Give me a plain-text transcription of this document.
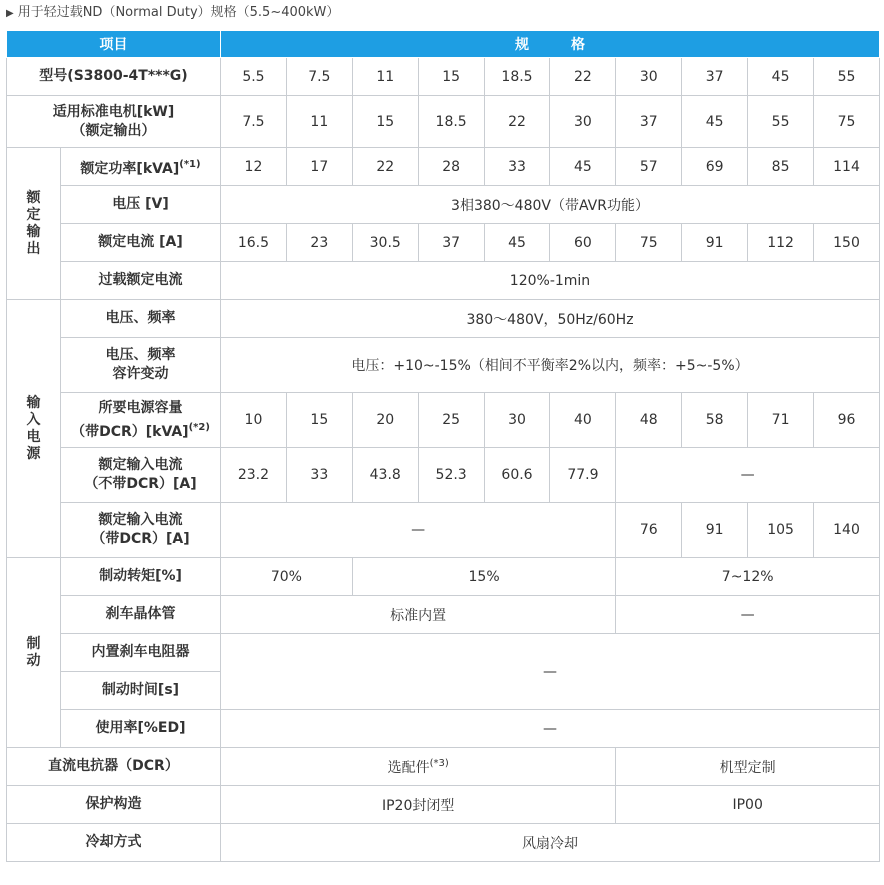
▶ 用于轻过载ND（Normal Duty）规格（5.5~400kW）
项目		规　　　格									
型号(S3800-4T***G)		5.5	7.5	11	15	18.5	22	30	37	45	55
适用标准电机[kW]
（额定输出）		7.5	11	15	18.5	22	30	37	45	55	75
额定输出	额定功率[kVA]$^{(*1)}$	12	17	22	28	33	45	57	69	85	114
	电压 [V]	3相380～480V（带AVR功能）									
	额定电流 [A]	16.5	23	30.5	37	45	60	75	91	112	150
	过载额定电流	120%-1min									
输入电源	电压、频率	380～480V，50Hz/60Hz									
	电压、频率
容许变动	电压：+10~-15%（相间不平衡率2%以内，频率：+5~-5%）									
	所要电源容量
（带DCR）[kVA]$^{(*2)}$	10	15	20	25	30	40	48	58	71	96
	额定输入电流
（不带DCR）[A]	23.2	33	43.8	52.3	60.6	77.9	—			
	额定输入电流
（带DCR）[A]	—						76	91	105	140
制动	制动转矩[%]	70%		15%				7~12%			
	刹车晶体管	标准内置						—			
	内置刹车电阻器	—									
	制动时间[s]										
	使用率[%ED]	—									
直流电抗器（DCR）		选配件$^{(*3)}$						机型定制			
保护构造		IP20封闭型						IP00			
冷却方式		风扇冷却									
